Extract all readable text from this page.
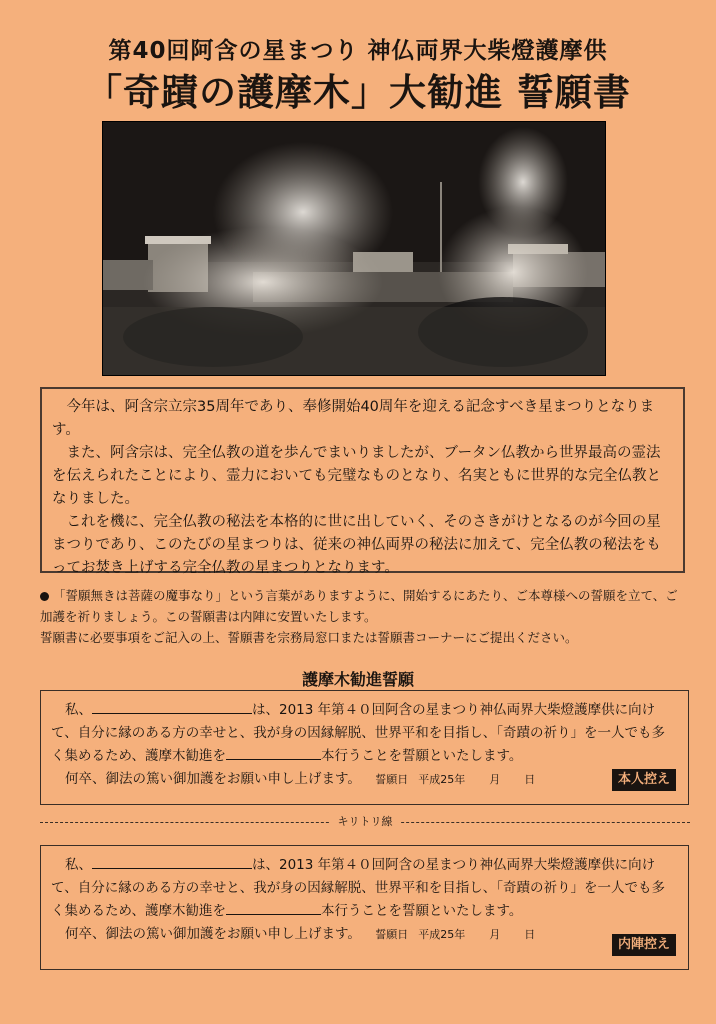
第40回阿含の星まつり 神仏両界大柴燈護摩供
「奇蹟の護摩木」大勧進 誓願書

今年は、阿含宗立宗35周年であり、奉修開始40周年を迎える記念すべき星まつりとなります。

また、阿含宗は、完全仏教の道を歩んでまいりましたが、ブータン仏教から世界最高の霊法を伝えられたことにより、霊力においても完璧なものとなり、名実ともに世界的な完全仏教となりました。

これを機に、完全仏教の秘法を本格的に世に出していく、そのさきがけとなるのが今回の星まつりであり、このたびの星まつりは、従来の神仏両界の秘法に加えて、完全仏教の秘法をもってお焚き上げする完全仏教の星まつりとなります。

「誓願無きは菩薩の魔事なり」という言葉がありますように、開始するにあたり、ご本尊様への誓願を立て、ご加護を祈りましょう。この誓願書は内陣に安置いたします。

誓願書に必要事項をご記入の上、誓願書を宗務局窓口または誓願書コーナーにご提出ください。

護摩木勧進誓願

私、	は、2013 年第４０回阿含の星まつり神仏両界大柴燈護摩供に向けて、自分に縁のある方の幸せと、我が身の因縁解脱、世界平和を目指し、「奇蹟の祈り」を一人でも多く集めるため、護摩木勧進を	本行うことを誓願といたします。

何卒、御法の篤い御加護をお願い申し上げます。 誓願日 平成25年 月 日	本人控え
キリトリ線

私、	は、2013 年第４０回阿含の星まつり神仏両界大柴燈護摩供に向けて、自分に縁のある方の幸せと、我が身の因縁解脱、世界平和を目指し、「奇蹟の祈り」を一人でも多く集めるため、護摩木勧進を	本行うことを誓願といたします。

何卒、御法の篤い御加護をお願い申し上げます。 誓願日 平成25年 月 日

内陣控え
